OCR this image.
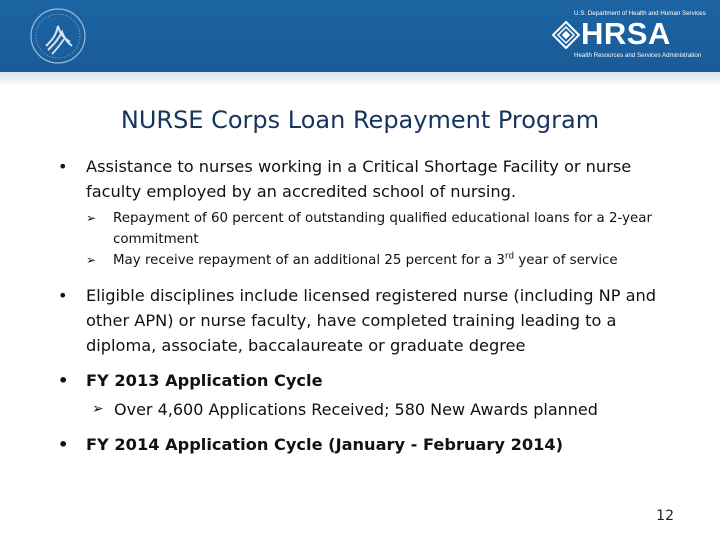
U.S. Department of Health and Human Services
HRSA
Health Resources and Services Administration
NURSE Corps Loan Repayment Program
• Assistance to nurses working in a Critical Shortage Facility or nurse faculty employed by an accredited school of nursing.
➢ Repayment of 60 percent of outstanding qualified educational loans for a 2-year commitment
➢ May receive repayment of an additional 25 percent for a 3rd year of service
• Eligible disciplines include licensed registered nurse (including NP and other APN) or nurse faculty, have completed training leading to a diploma, associate, baccalaureate or graduate degree
• FY 2013 Application Cycle
➢ Over 4,600 Applications Received; 580 New Awards planned
• FY 2014 Application Cycle (January - February 2014)
12
